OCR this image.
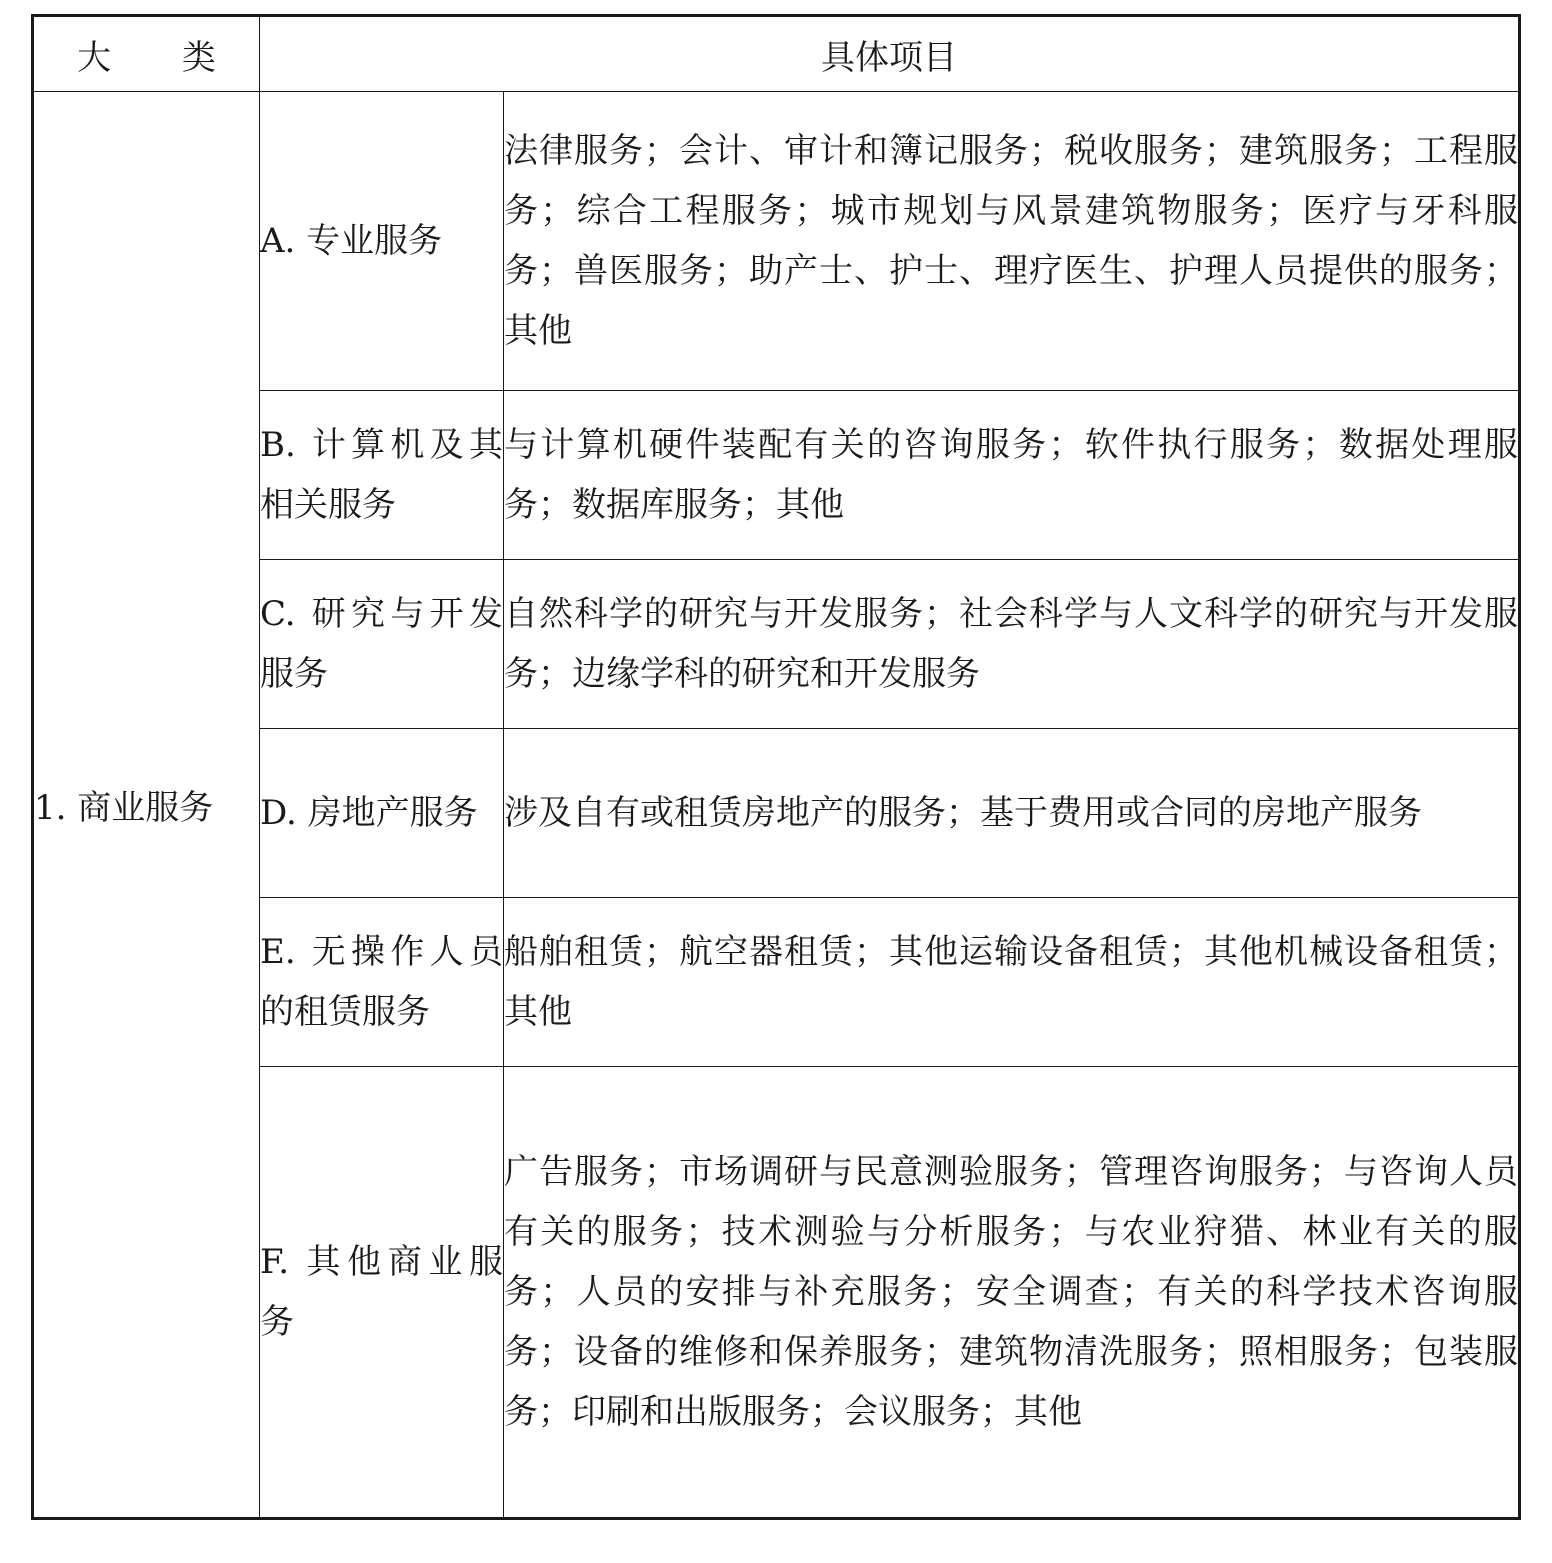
大 类	具体项目	
1. 商业服务	A. 专业服务	法律服务；会计、审计和簿记服务；税收服务；建筑服务；工程服务；综合工程服务；城市规划与风景建筑物服务；医疗与牙科服务；兽医服务；助产士、护士、理疗医生、护理人员提供的服务；其他
	B. 计算机及其相关服务	与计算机硬件装配有关的咨询服务；软件执行服务；数据处理服务；数据库服务；其他
	C. 研究与开发服务	自然科学的研究与开发服务；社会科学与人文科学的研究与开发服务；边缘学科的研究和开发服务
	D. 房地产服务	涉及自有或租赁房地产的服务；基于费用或合同的房地产服务
	E. 无操作人员的租赁服务	船舶租赁；航空器租赁；其他运输设备租赁；其他机械设备租赁；其他
	F. 其他商业服务	广告服务；市场调研与民意测验服务；管理咨询服务；与咨询人员有关的服务；技术测验与分析服务；与农业狩猎、林业有关的服务；人员的安排与补充服务；安全调查；有关的科学技术咨询服务；设备的维修和保养服务；建筑物清洗服务；照相服务；包装服务；印刷和出版服务；会议服务；其他
